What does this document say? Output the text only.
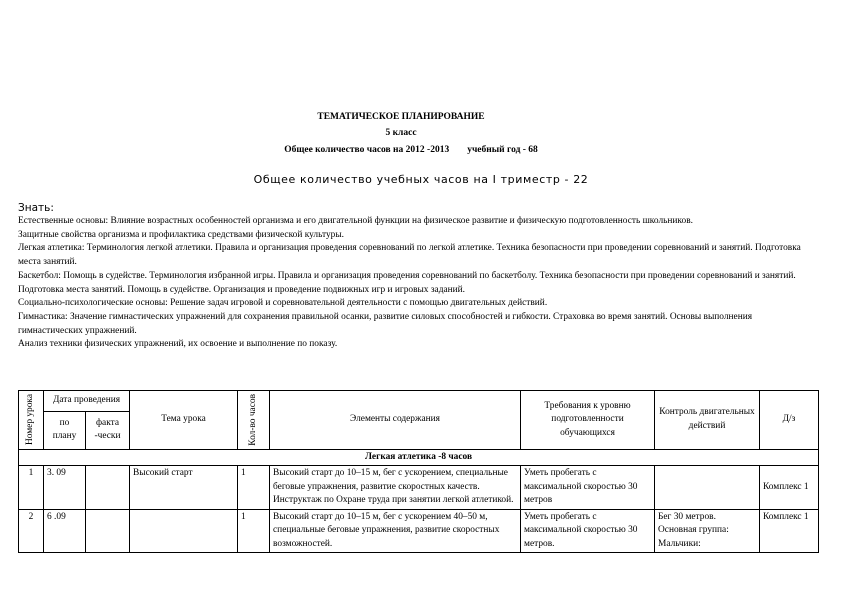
ТЕМАТИЧЕСКОЕ ПЛАНИРОВАНИЕ
5 класс
Общее количество часов на 2012 -2013 учебный год - 68
Общее количество учебных часов на I триместр - 22
Знать:

Естественные основы: Влияние возрастных особенностей организма и его двигательной функции на физическое развитие и физическую подготовленность школьников.

Защитные свойства организма и профилактика средствами физической культуры.

Легкая атлетика: Терминология легкой атлетики. Правила и организация проведения соревнований по легкой атлетике. Техника безопасности при проведении соревнований и занятий. Подготовка места занятий.

Баскетбол: Помощь в судействе. Терминология избранной игры. Правила и организация проведения соревнований по баскетболу. Техника безопасности при проведении соревнований и занятий. Подготовка места занятий. Помощь в судействе. Организация и проведение подвижных игр и игровых заданий.

Социально-психологические основы: Решение задач игровой и соревновательной деятельности с помощью двигательных действий.

Гимнастика: Значение гимнастических упражнений для сохранения правильной осанки, развитие силовых способностей и гибкости. Страховка во время занятий. Основы выполнения гимнастических упражнений.

Анализ техники физических упражнений, их освоение и выполнение по показу.

Номер урока	Дата проведения		Тема урока	Кол-во часов	Элементы содержания	Требования к уровню подготовленности обучающихся	Контроль двигательных действий	Д/з
	по плану	факта -чески						
Легкая атлетика -8 часов								
1	3. 09		Высокий старт	1	Высокий старт до 10–15 м, бег с ускорением, специальные беговые упражнения, развитие скоростных качеств. Инструктаж по Охране труда при занятии легкой атлетикой.	Уметь пробегать с максимальной скоростью 30 метров		Комплекс 1
2	6 .09			1	Высокий старт до 10–15 м, бег с ускорением 40–50 м, специальные беговые упражнения, развитие скоростных возможностей.	Уметь пробегать с максимальной скоростью 30 метров.	Бег 30 метров. Основная группа: Мальчики:	Комплекс 1
